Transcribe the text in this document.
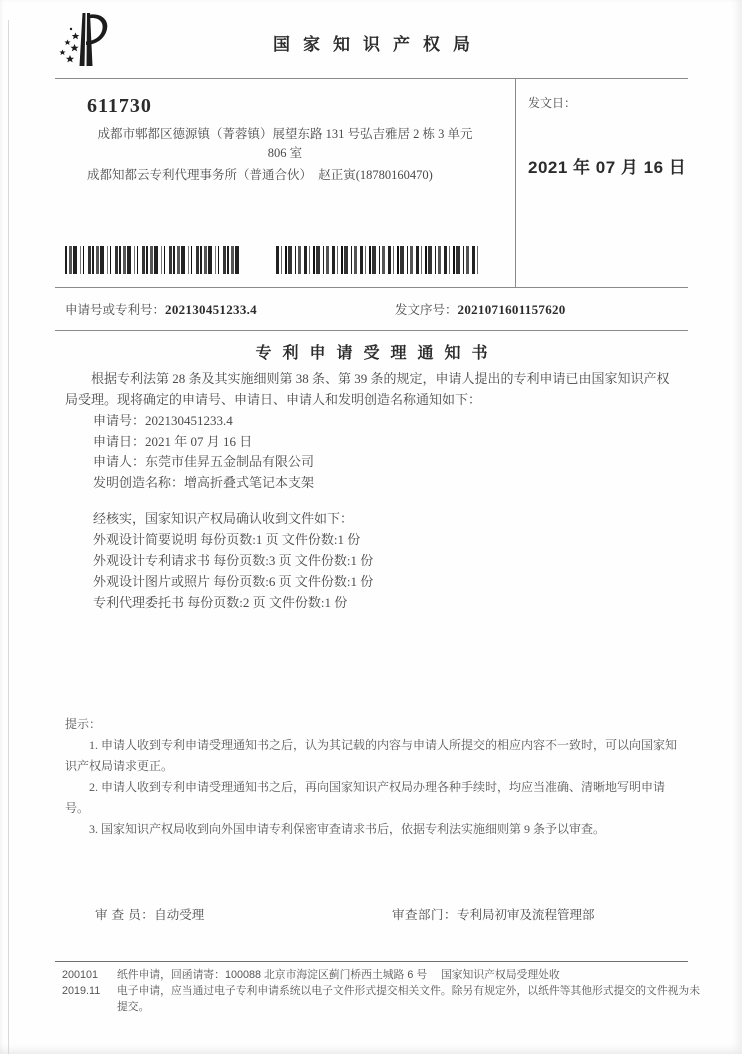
国家知识产权局
611730
成都市郫都区德源镇（菁蓉镇）展望东路 131 号弘吉雅居 2 栋 3 单元
806 室
成都知都云专利代理事务所（普通合伙）　赵正寅(18780160470)
发文日：
2021 年 07 月 16 日
申请号或专利号： 202130451233.4	发文序号： 2021071601157620
专利申请受理通知书

根据专利法第 28 条及其实施细则第 38 条、第 39 条的规定，申请人提出的专利申请已由国家知识产权局受理。现将确定的申请号、申请日、申请人和发明创造名称通知如下：

申请号：202130451233.4
申请日：2021 年 07 月 16 日
申请人：东莞市佳昇五金制品有限公司
发明创造名称：增高折叠式笔记本支架
经核实，国家知识产权局确认收到文件如下：
外观设计简要说明 每份页数:1 页 文件份数:1 份
外观设计专利请求书 每份页数:3 页 文件份数:1 份
外观设计图片或照片 每份页数:6 页 文件份数:1 份
专利代理委托书 每份页数:2 页 文件份数:1 份
提示：

1. 申请人收到专利申请受理通知书之后，认为其记载的内容与申请人所提交的相应内容不一致时，可以向国家知识产权局请求更正。

2. 申请人收到专利申请受理通知书之后，再向国家知识产权局办理各种手续时，均应当准确、清晰地写明申请号。

3. 国家知识产权局收到向外国申请专利保密审查请求书后，依据专利法实施细则第 9 条予以审查。

审 查 员：自动受理	审查部门：专利局初审及流程管理部
200101
2019.11

纸件申请，回函请寄：100088 北京市海淀区蓟门桥西土城路 6 号　 国家知识产权局受理处收

电子申请，应当通过电子专利申请系统以电子文件形式提交相关文件。除另有规定外，以纸件等其他形式提交的文件视为未提交。
